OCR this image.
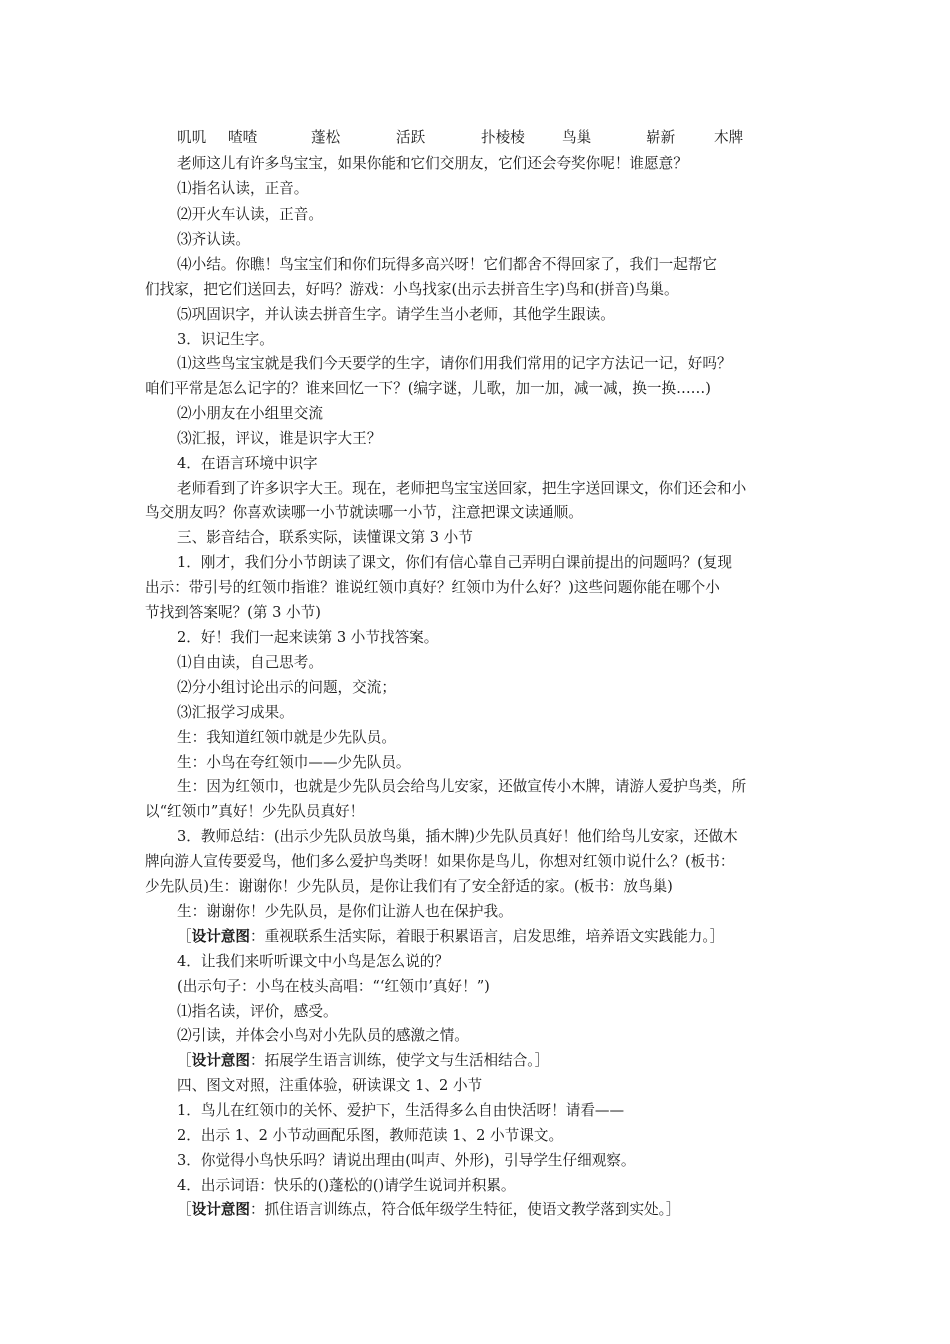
叽叽 喳喳	蓬松	活跃	扑棱棱	鸟巢	崭新	木牌
老师这儿有许多鸟宝宝，如果你能和它们交朋友，它们还会夸奖你呢！谁愿意？
⑴指名认读，正音。
⑵开火车认读，正音。
⑶齐认读。
⑷小结。你瞧！鸟宝宝们和你们玩得多高兴呀！它们都舍不得回家了，我们一起帮它
们找家，把它们送回去，好吗？游戏：小鸟找家(出示去拼音生字)鸟和(拼音)鸟巢。
⑸巩固识字，并认读去拼音生字。请学生当小老师，其他学生跟读。
3．识记生字。
⑴这些鸟宝宝就是我们今天要学的生字，请你们用我们常用的记字方法记一记，好吗？
咱们平常是怎么记字的？谁来回忆一下？(编字谜，儿歌，加一加，减一减，换一换……)
⑵小朋友在小组里交流
⑶汇报，评议，谁是识字大王？
4．在语言环境中识字
老师看到了许多识字大王。现在，老师把鸟宝宝送回家，把生字送回课文，你们还会和小
鸟交朋友吗？你喜欢读哪一小节就读哪一小节，注意把课文读通顺。
三、影音结合，联系实际，读懂课文第 3 小节
1．刚才，我们分小节朗读了课文，你们有信心靠自己弄明白课前提出的问题吗？(复现
出示：带引号的红领巾指谁？谁说红领巾真好？红领巾为什么好？)这些问题你能在哪个小
节找到答案呢？(第 3 小节)
2．好！我们一起来读第 3 小节找答案。
⑴自由读，自己思考。
⑵分小组讨论出示的问题，交流；
⑶汇报学习成果。
生：我知道红领巾就是少先队员。
生：小鸟在夸红领巾——少先队员。
生：因为红领巾，也就是少先队员会给鸟儿安家，还做宣传小木牌，请游人爱护鸟类，所
以“红领巾”真好！少先队员真好！
3．教师总结：(出示少先队员放鸟巢，插木牌)少先队员真好！他们给鸟儿安家，还做木
牌向游人宣传要爱鸟，他们多么爱护鸟类呀！如果你是鸟儿，你想对红领巾说什么？(板书：
少先队员)生：谢谢你！少先队员，是你让我们有了安全舒适的家。(板书：放鸟巢)
生：谢谢你！少先队员，是你们让游人也在保护我。
［设计意图：重视联系生活实际，着眼于积累语言，启发思维，培养语文实践能力。］
4．让我们来听听课文中小鸟是怎么说的？
(出示句子：小鸟在枝头高唱：“‘红领巾’真好！”)
⑴指名读，评价，感受。
⑵引读，并体会小鸟对小先队员的感激之情。
［设计意图：拓展学生语言训练，使学文与生活相结合。］
四、图文对照，注重体验，研读课文 1、2 小节
1．鸟儿在红领巾的关怀、爱护下，生活得多么自由快活呀！请看——
2．出示 1、2 小节动画配乐图，教师范读 1、2 小节课文。
3．你觉得小鸟快乐吗？请说出理由(叫声、外形)，引导学生仔细观察。
4．出示词语：快乐的()蓬松的()请学生说词并积累。
［设计意图：抓住语言训练点，符合低年级学生特征，使语文教学落到实处。］
